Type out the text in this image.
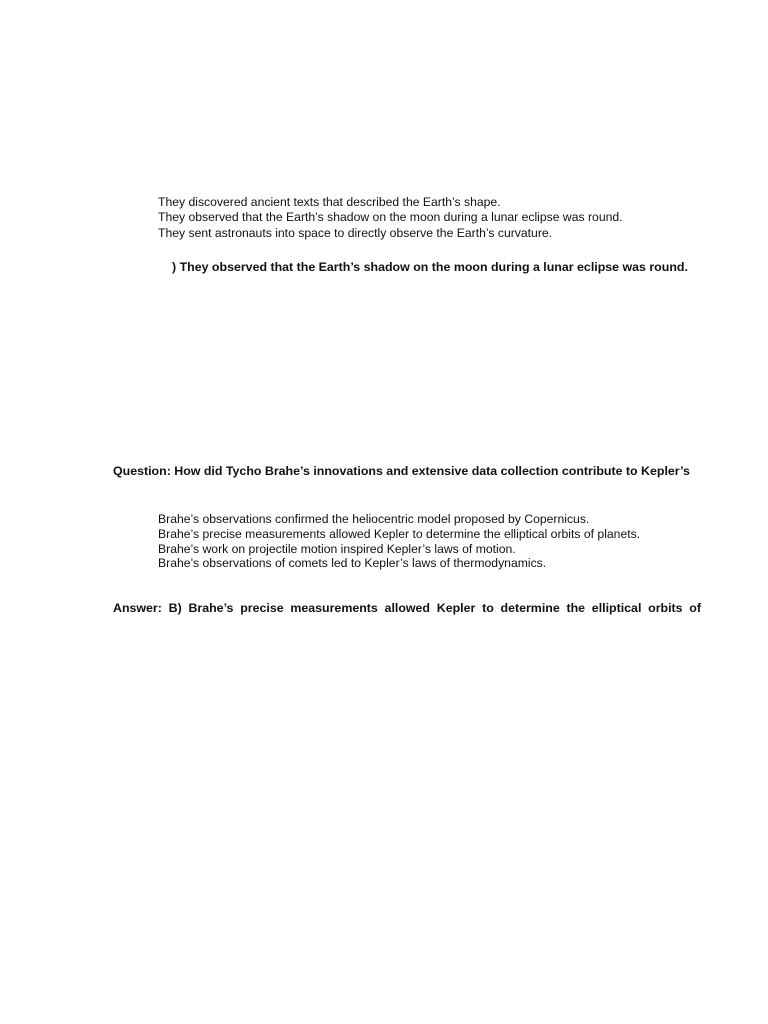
They discovered ancient texts that described the Earth’s shape.
They observed that the Earth’s shadow on the moon during a lunar eclipse was round.
They sent astronauts into space to directly observe the Earth’s curvature.
) They observed that the Earth’s shadow on the moon during a lunar eclipse was round.
Question: How did Tycho Brahe’s innovations and extensive data collection contribute to Kepler’s
Brahe’s observations confirmed the heliocentric model proposed by Copernicus.
Brahe’s precise measurements allowed Kepler to determine the elliptical orbits of planets.
Brahe’s work on projectile motion inspired Kepler’s laws of motion.
Brahe’s observations of comets led to Kepler’s laws of thermodynamics.
Answer: B) Brahe’s precise measurements allowed Kepler to determine the elliptical orbits of
